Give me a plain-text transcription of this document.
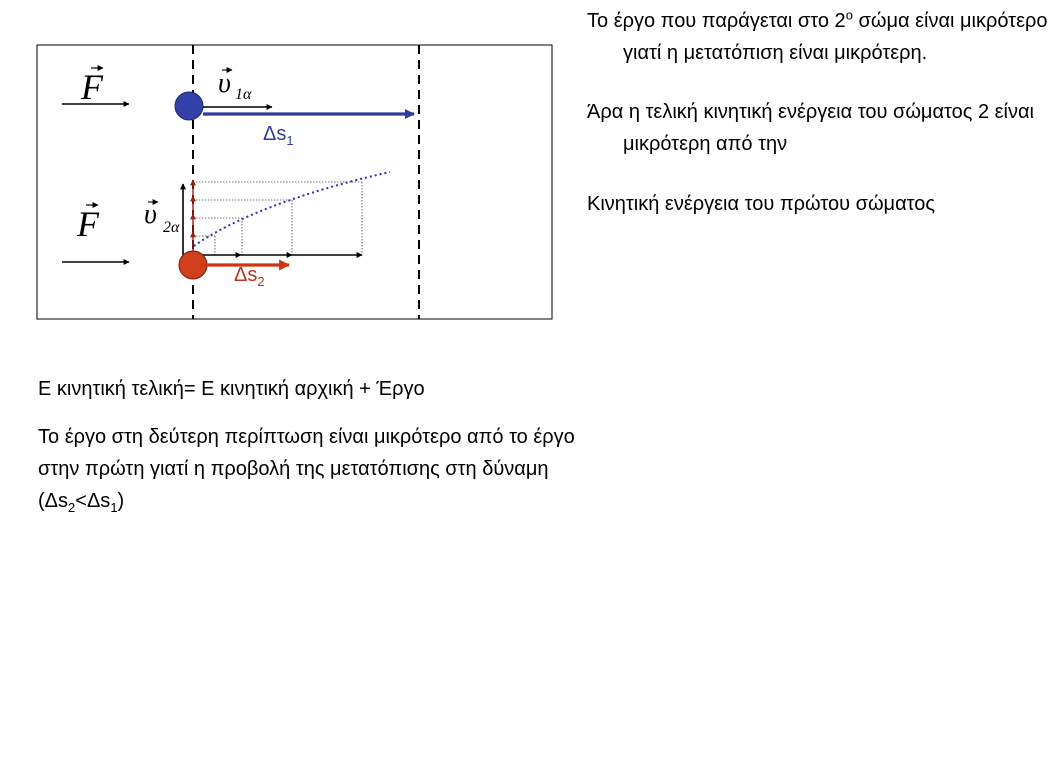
F	υ 1α
$\Delta s_1$
F υ 2α
$\Delta s_2$

Το έργο που παράγεται στο $2^o$ σώμα είναι μικρότερο γιατί η μετατόπιση είναι μικρότερη.

Άρα η τελική κινητική ενέργεια του σώματος 2 είναι μικρότερη από την

Κινητική ενέργεια του πρώτου σώματος

Ε κινητική τελική= Ε κινητική αρχική + Έργο

Το έργο στη δεύτερη περίπτωση είναι μικρότερο από το έργο στην πρώτη γιατί η προβολή της μετατόπισης στη δύναμη $(\Delta s_2<\Delta s_1)$
